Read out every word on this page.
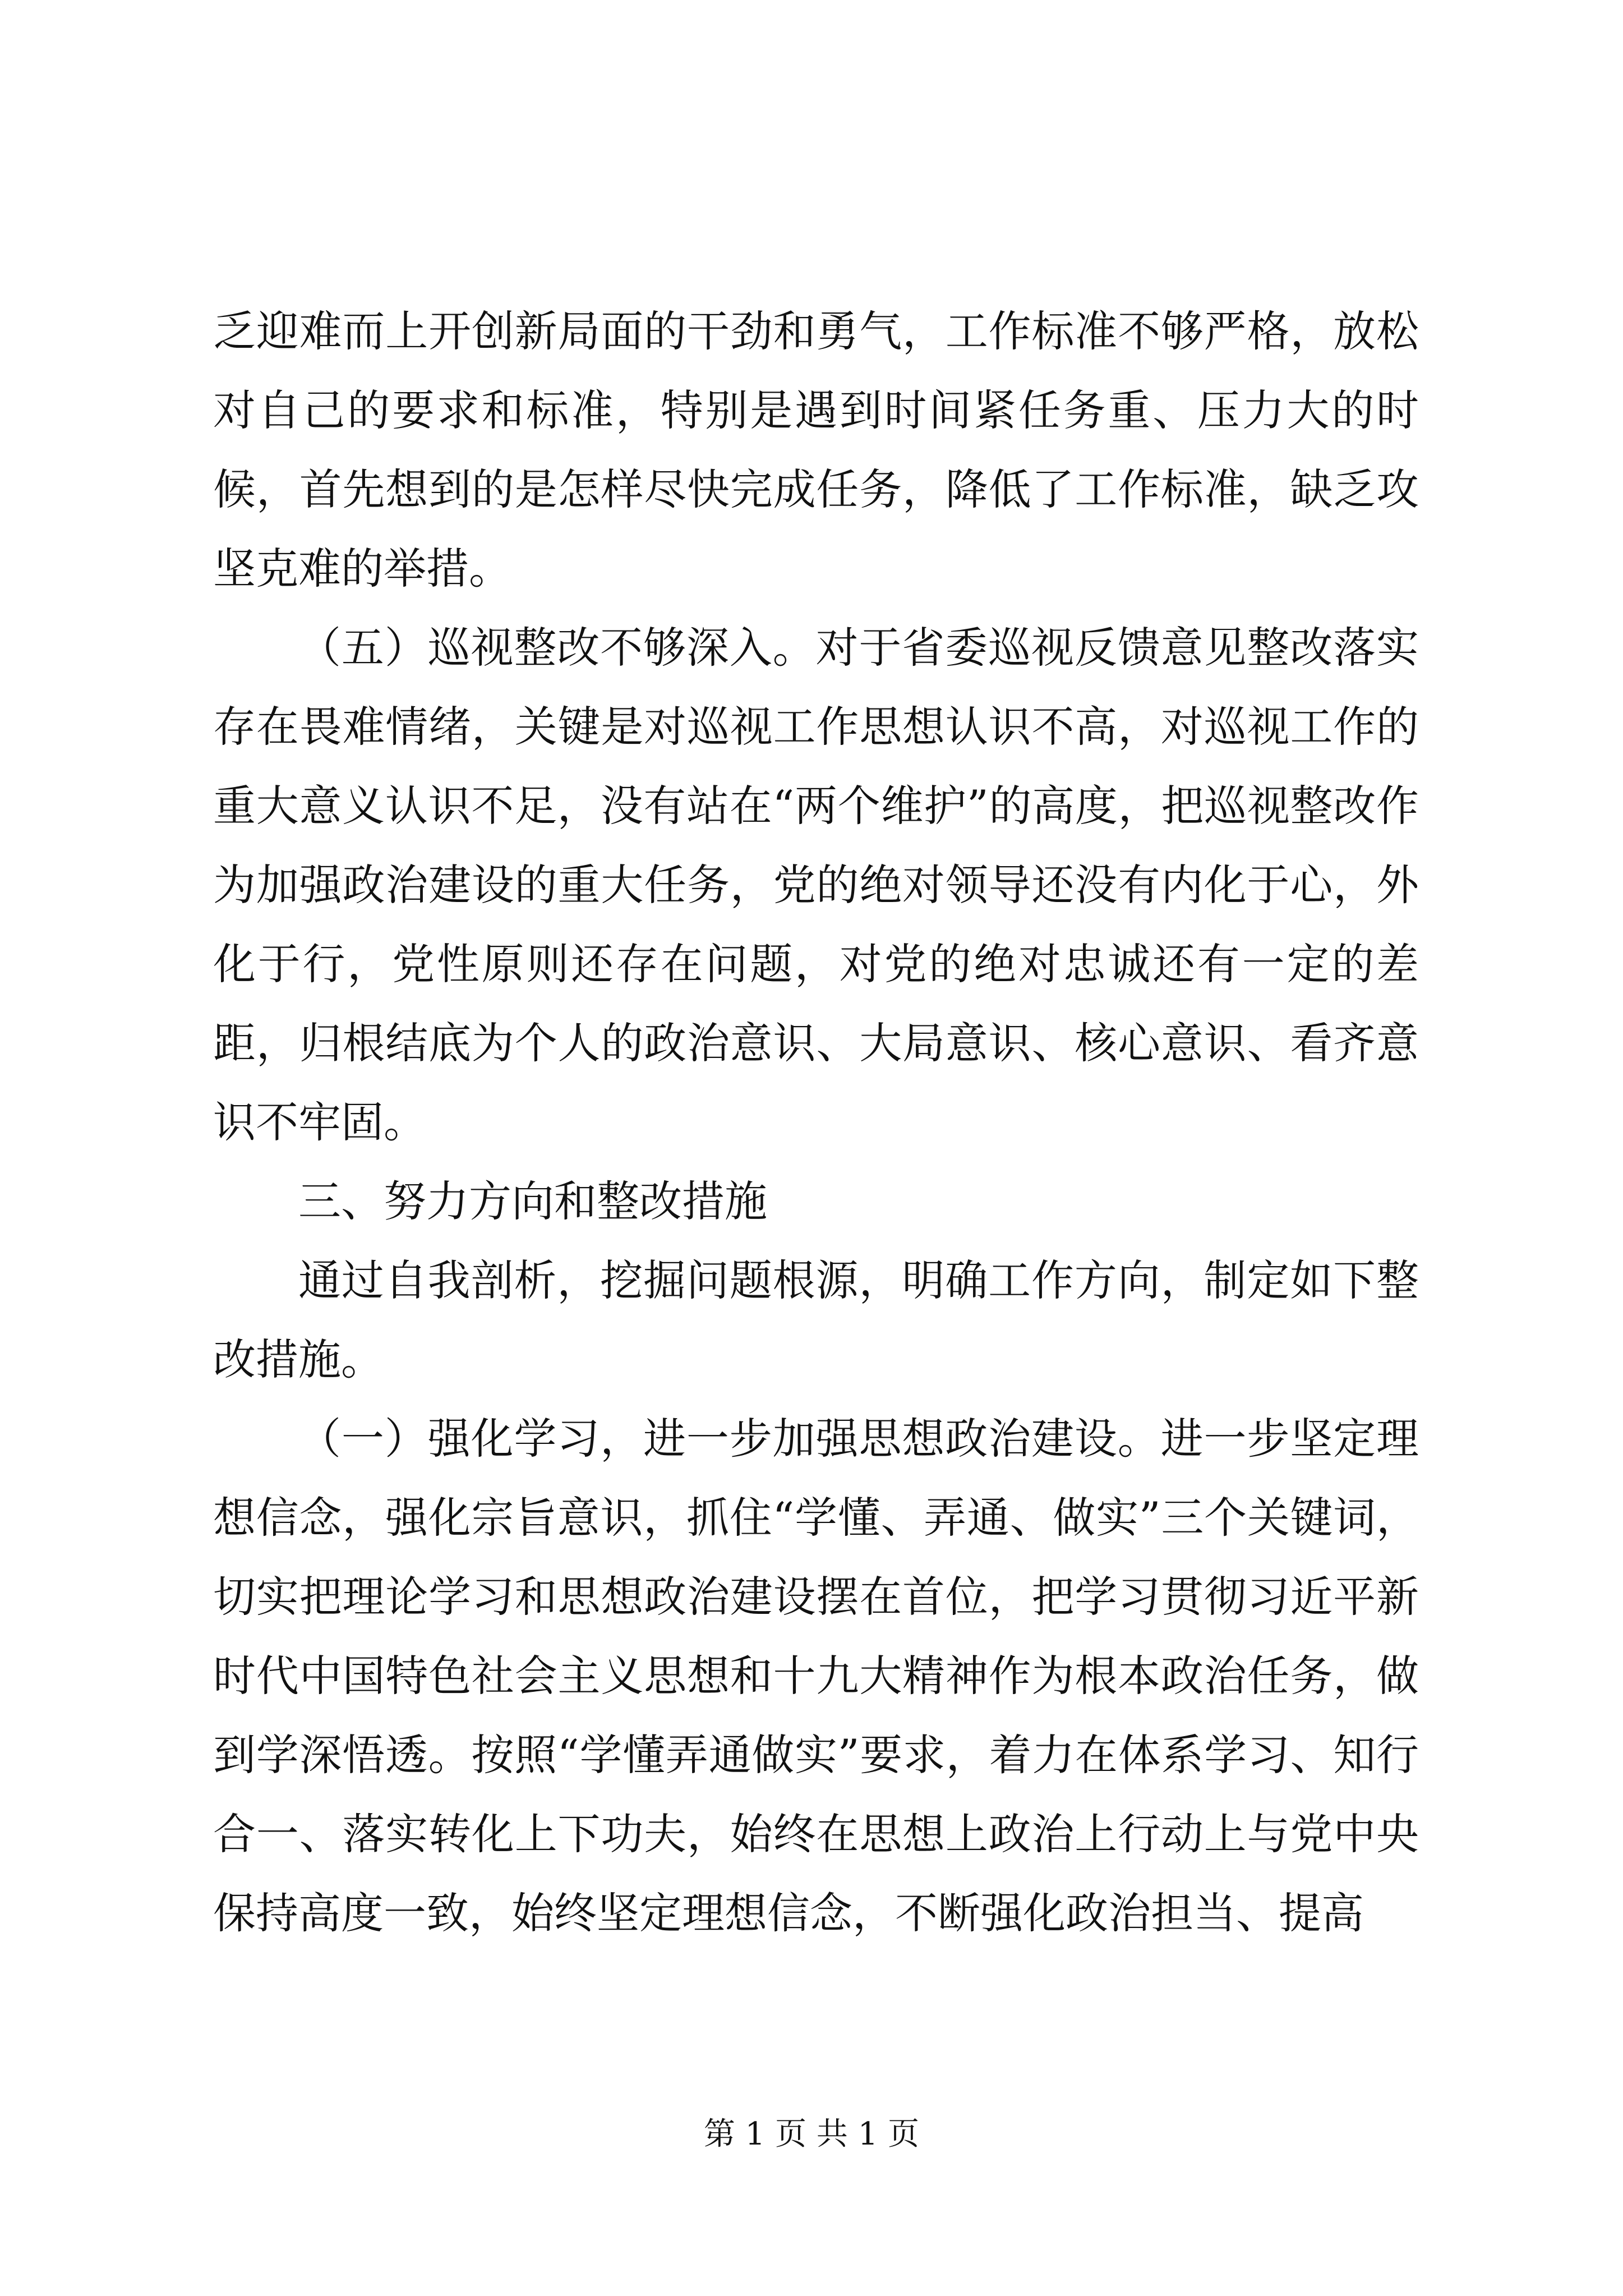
乏迎难而上开创新局面的干劲和勇气，工作标准不够严格，放松对自己的要求和标准，特别是遇到时间紧任务重、压力大的时候，首先想到的是怎样尽快完成任务，降低了工作标准，缺乏攻坚克难的举措。

（五）巡视整改不够深入。对于省委巡视反馈意见整改落实存在畏难情绪，关键是对巡视工作思想认识不高，对巡视工作的重大意义认识不足，没有站在“两个维护”的高度，把巡视整改作为加强政治建设的重大任务，党的绝对领导还没有内化于心，外化于行，党性原则还存在问题，对党的绝对忠诚还有一定的差距，归根结底为个人的政治意识、大局意识、核心意识、看齐意识不牢固。

三、努力方向和整改措施

通过自我剖析，挖掘问题根源，明确工作方向，制定如下整改措施。

（一）强化学习，进一步加强思想政治建设。进一步坚定理想信念，强化宗旨意识，抓住“学懂、弄通、做实”三个关键词，切实把理论学习和思想政治建设摆在首位，把学习贯彻习近平新时代中国特色社会主义思想和十九大精神作为根本政治任务，做到学深悟透。按照“学懂弄通做实”要求，着力在体系学习、知行合一、落实转化上下功夫，始终在思想上政治上行动上与党中央保持高度一致，始终坚定理想信念，不断强化政治担当、提高

第 1 页 共 1 页
